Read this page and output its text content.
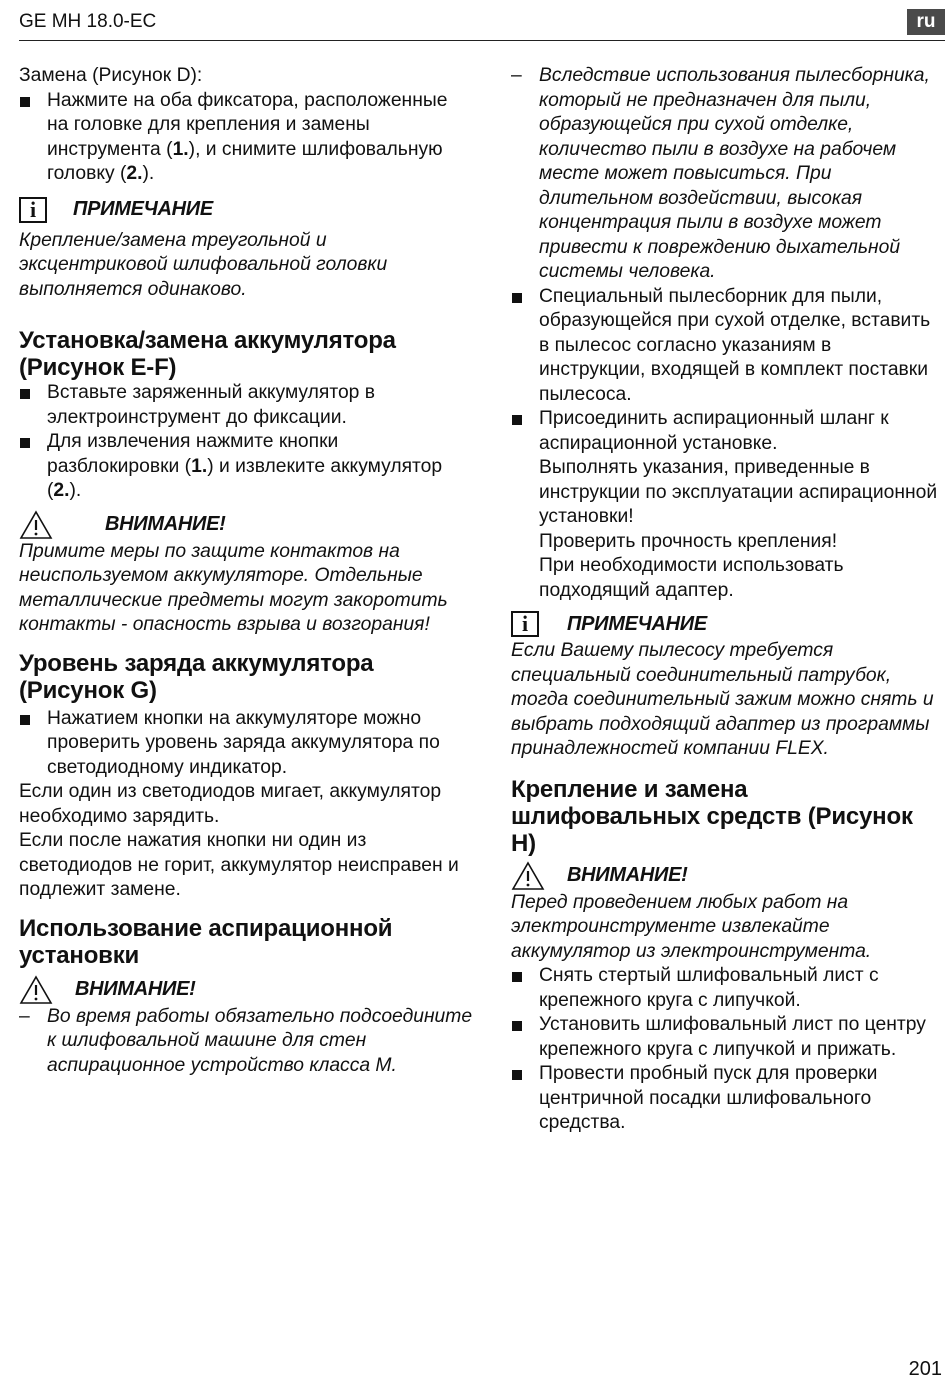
GE MH 18.0-EC	ru

Замена (Рисунок D):

Нажмите на оба фиксатора, расположенные на головке для крепления и замены инструмента (1.), и снимите шлифовальную головку (2.).
i	ПРИМЕЧАНИЕ

Крепление/замена треугольной и эксцентриковой шлифовальной головки выполняется одинаково.

Установка/замена аккумулятора (Рисунок E-F)

Вставьте заряженный аккумулятор в электроинструмент до фиксации.
Для извлечения нажмите кнопки разблокировки (1.) и извлеките аккумулятор (2.).
ВНИМАНИЕ!

Примите меры по защите контактов на неиспользуемом аккумуляторе. Отдельные металлические предметы могут закоротить контакты - опасность взрыва и возгорания!

Уровень заряда аккумулятора (Рисунок G)

Нажатием кнопки на аккумуляторе можно проверить уровень заряда аккумулятора по светодиодному индикатор.

Если один из светодиодов мигает, аккумулятор необходимо зарядить.

Если после нажатия кнопки ни один из светодиодов не горит, аккумулятор неисправен и подлежит замене.

Использование аспирационной установки

ВНИМАНИЕ!
– Во время работы обязательно подсоедините к шлифовальной машине для стен аспирационное устройство класса M.
– Вследствие использования пылесборника, который не предназначен для пыли, образующейся при сухой отделке, количество пыли в воздухе на рабочем месте может повыситься. При длительном воздействии, высокая концентрация пыли в воздухе может привести к повреждению дыхательной системы человека.
Специальный пылесборник для пыли, образующейся при сухой отделке, вставить в пылесос согласно указаниям в инструкции, входящей в комплект поставки пылесоса.
Присоединить аспирационный шланг к аспирационной установке.
Выполнять указания, приведенные в инструкции по эксплуатации аспирационной установки!
Проверить прочность крепления!
При необходимости использовать подходящий адаптер.
i	ПРИМЕЧАНИЕ

Если Вашему пылесосу требуется специальный соединительный патрубок, тогда соединительный зажим можно снять и выбрать подходящий адаптер из программы принадлежностей компании FLEX.

Крепление и замена шлифовальных средств (Рисунок H)

ВНИМАНИЕ!

Перед проведением любых работ на электроинструменте извлекайте аккумулятор из электроинструмента.

Снять стертый шлифовальный лист с крепежного круга с липучкой.
Установить шлифовальный лист по центру крепежного круга с липучкой и прижать.
Провести пробный пуск для проверки центричной посадки шлифовального средства.
201
